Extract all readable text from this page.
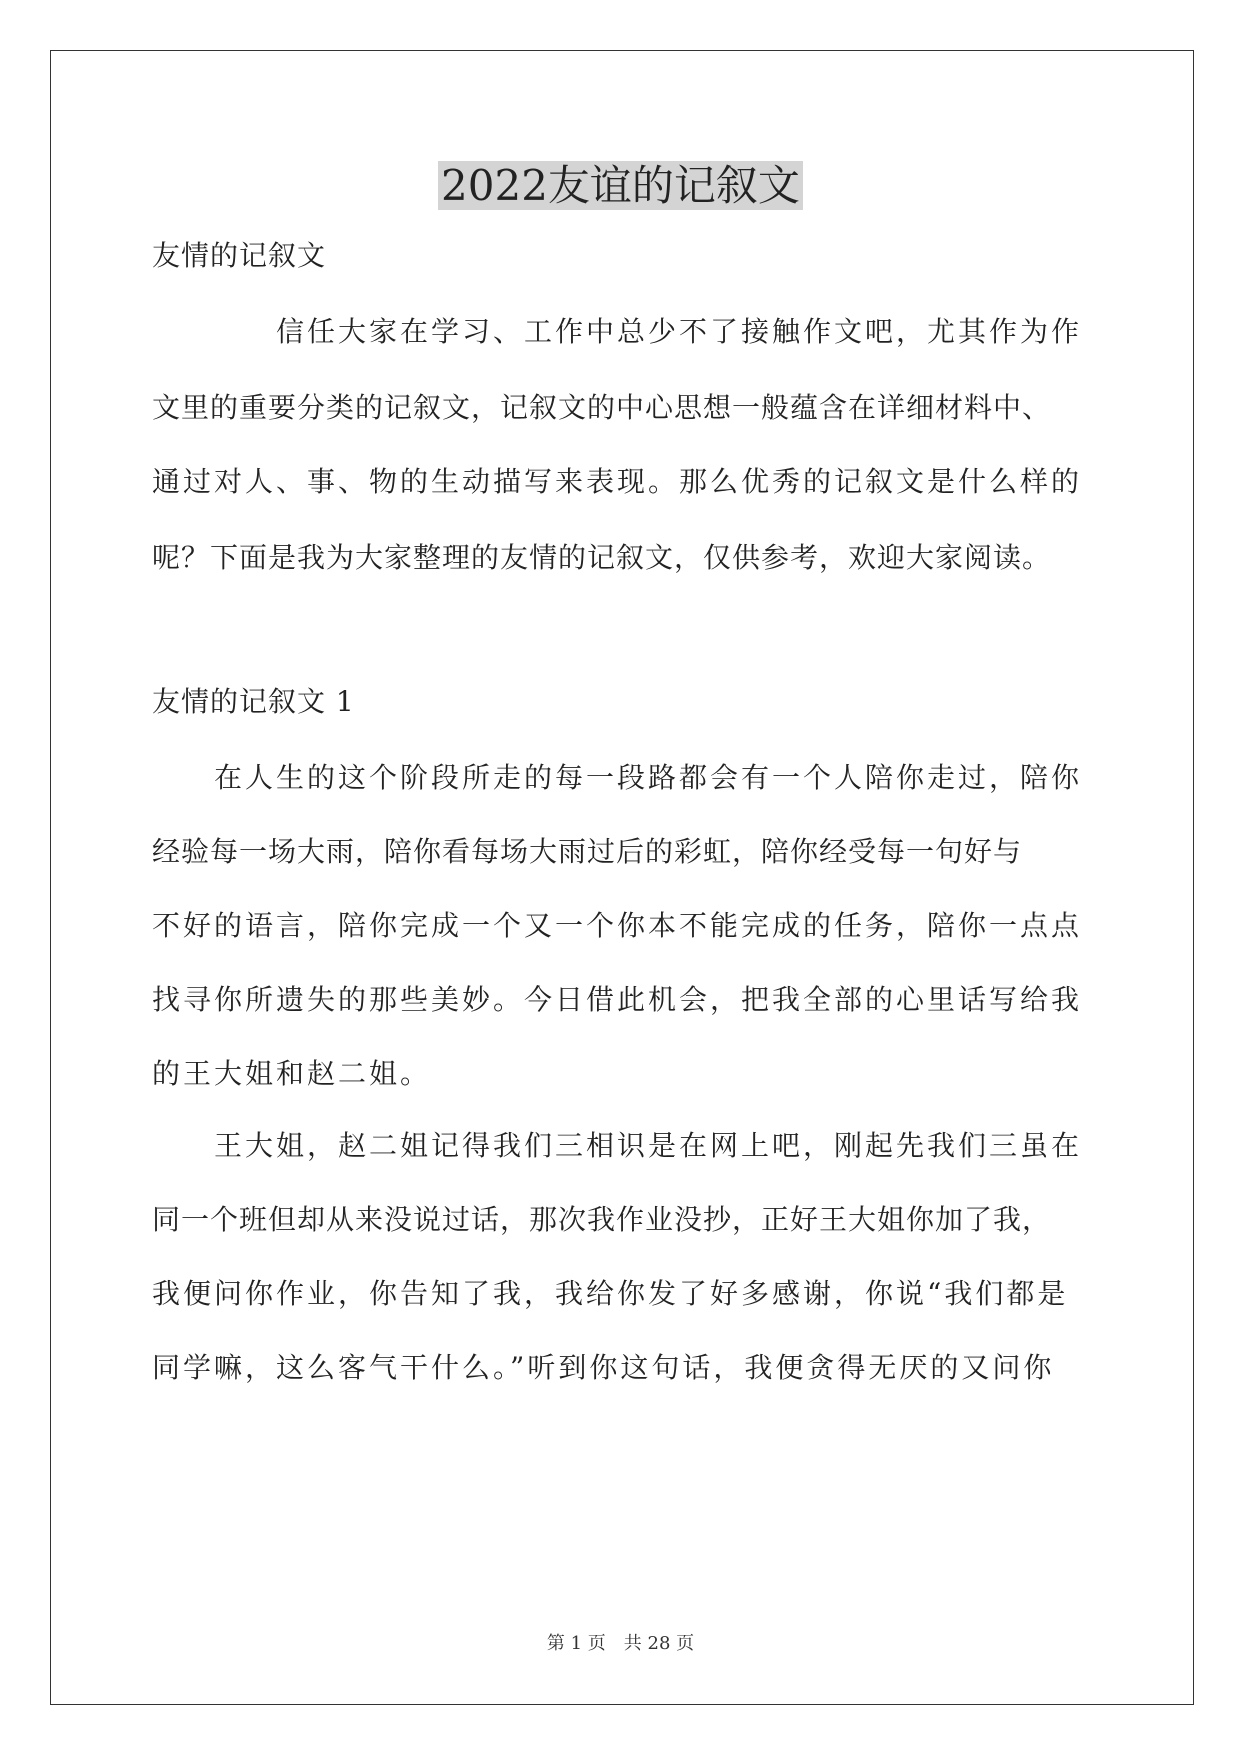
2022友谊的记叙文
友情的记叙文
信任大家在学习、工作中总少不了接触作文吧，尤其作为作
文里的重要分类的记叙文，记叙文的中心思想一般蕴含在详细材料中、
通过对人、事、物的生动描写来表现。那么优秀的记叙文是什么样的
呢？下面是我为大家整理的友情的记叙文，仅供参考，欢迎大家阅读。
友情的记叙文 1
在人生的这个阶段所走的每一段路都会有一个人陪你走过，陪你
经验每一场大雨，陪你看每场大雨过后的彩虹，陪你经受每一句好与
不好的语言，陪你完成一个又一个你本不能完成的任务，陪你一点点
找寻你所遗失的那些美妙。今日借此机会，把我全部的心里话写给我
的王大姐和赵二姐。
王大姐，赵二姐记得我们三相识是在网上吧，刚起先我们三虽在
同一个班但却从来没说过话，那次我作业没抄，正好王大姐你加了我，
我便问你作业，你告知了我，我给你发了好多感谢，你说“我们都是
同学嘛，这么客气干什么。”听到你这句话，我便贪得无厌的又问你
第 1 页　共 28 页
